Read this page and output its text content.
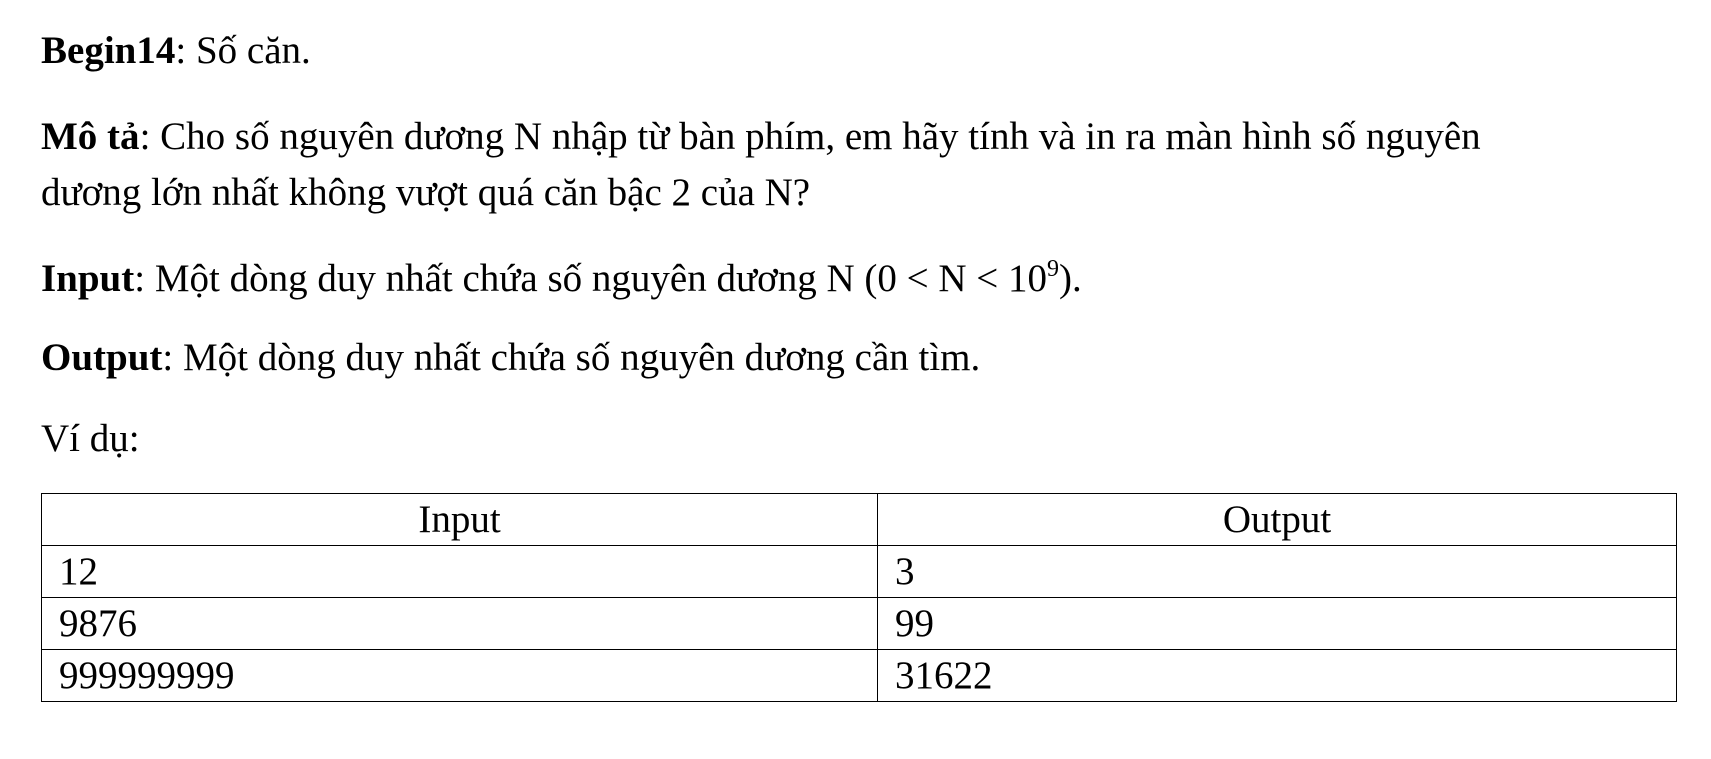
Begin14: Số căn.
Mô tả: Cho số nguyên dương N nhập từ bàn phím, em hãy tính và in ra màn hình số nguyên
dương lớn nhất không vượt quá căn bậc 2 của N?
Input: Một dòng duy nhất chứa số nguyên dương N $(0 < N < 10^9)$.
Output: Một dòng duy nhất chứa số nguyên dương cần tìm.
Ví dụ:
Input	Output
12	3
9876	99
999999999	31622
